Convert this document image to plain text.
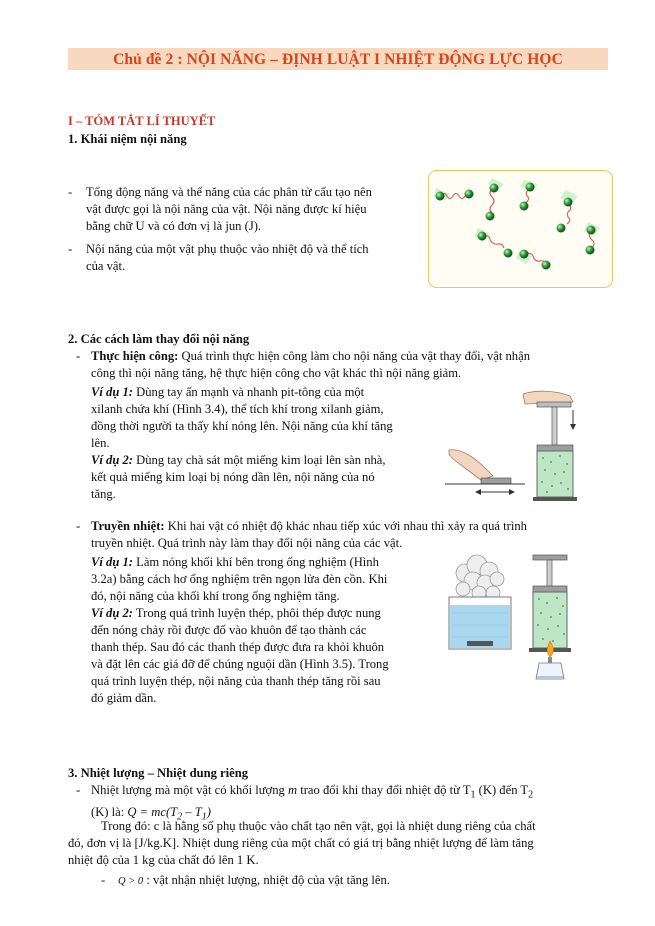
Chủ đề 2 : NỘI NĂNG – ĐỊNH LUẬT I NHIỆT ĐỘNG LỰC HỌC
I – TÓM TẮT LÍ THUYẾT
1. Khái niệm nội năng
- Tổng động năng và thế năng của các phân tử cấu tạo nên
vật được gọi là nội năng của vật. Nội năng được kí hiệu
bằng chữ U và có đơn vị là jun (J).
- Nội năng của một vật phụ thuộc vào nhiệt độ và thể tích
của vật.
2. Các cách làm thay đổi nội năng
- Thực hiện công: Quá trình thực hiện công làm cho nội năng của vật thay đổi, vật nhận
công thì nội năng tăng, hệ thực hiện công cho vật khác thì nội năng giảm.
Ví dụ 1: Dùng tay ấn mạnh và nhanh pit-tông của một
xilanh chứa khí (Hình 3.4), thể tích khí trong xilanh giảm,
đồng thời người ta thấy khí nóng lên. Nội năng của khí tăng
lên.
Ví dụ 2: Dùng tay chà sát một miếng kim loại lên sàn nhà,
kết quả miếng kim loại bị nóng dần lên, nội năng của nó
tăng.
- Truyền nhiệt: Khi hai vật có nhiệt độ khác nhau tiếp xúc với nhau thì xảy ra quá trình
truyền nhiệt. Quá trình này làm thay đổi nội năng của các vật.
Ví dụ 1: Làm nóng khối khí bên trong ống nghiệm (Hình
3.2a) bằng cách hơ ống nghiệm trên ngọn lửa đèn cồn. Khi
đó, nội năng của khối khí trong ống nghiệm tăng.
Ví dụ 2: Trong quá trình luyện thép, phôi thép được nung
đến nóng chảy rồi được đổ vào khuôn để tạo thành các
thanh thép. Sau đó các thanh thép được đưa ra khỏi khuôn
và đặt lên các giá đỡ để chúng nguội dần (Hình 3.5). Trong
quá trình luyện thép, nội năng của thanh thép tăng rồi sau
đó giảm dần.
3. Nhiệt lượng – Nhiệt dung riêng
- Nhiệt lượng mà một vật có khối lượng m trao đổi khi thay đổi nhiệt độ từ $T_1$ (K) đến $T_2$
(K) là: $Q = mc(T_2 - T_1)$
Trong đó: c là hằng số phụ thuộc vào chất tạo nên vật, gọi là nhiệt dung riêng của chất
đó, đơn vị là [J/kg.K]. Nhiệt dung riêng của một chất có giá trị bằng nhiệt lượng để làm tăng
nhiệt độ của 1 kg của chất đó lên 1 K.
- Q > 0 : vật nhận nhiệt lượng, nhiệt độ của vật tăng lên.
